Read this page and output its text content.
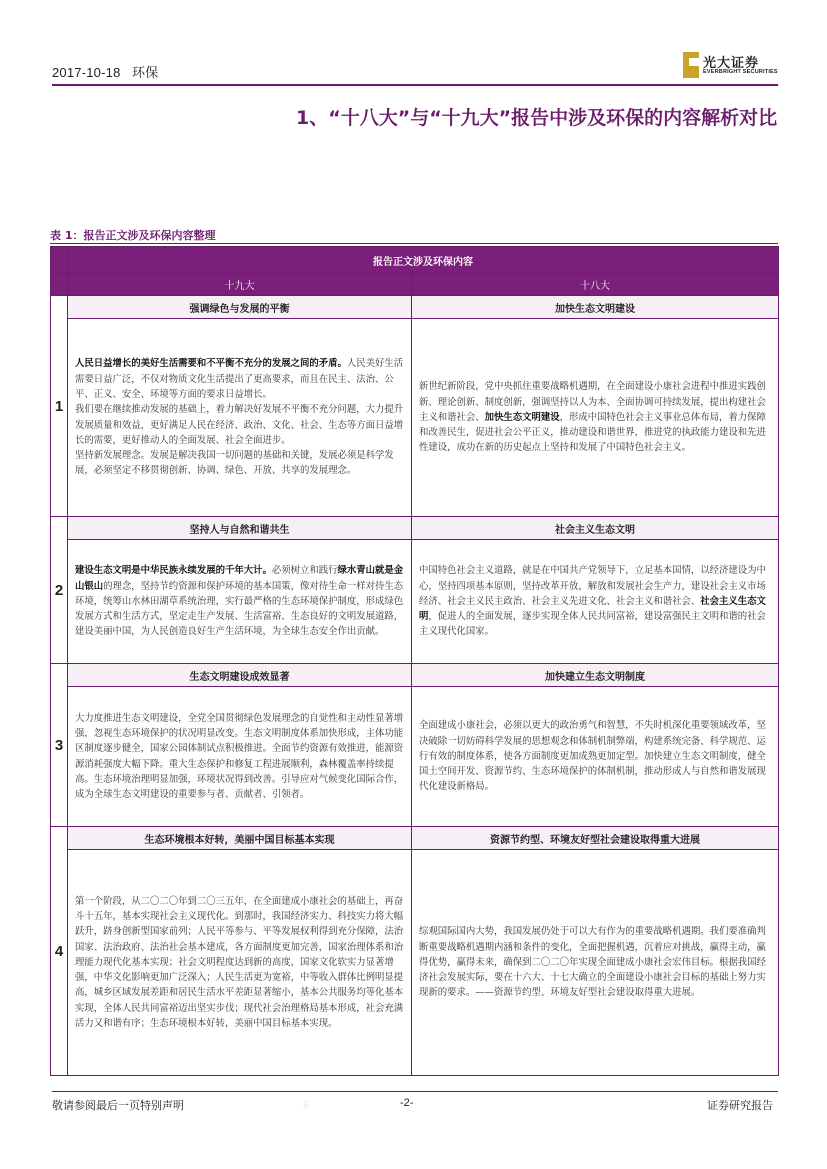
2017-10-18 环保
光大证券
EVERBRIGHT SECURITIES
1、“十八大”与“十九大”报告中涉及环保的内容解析对比
表 1：报告正文涉及环保内容整理
	报告正文涉及环保内容	
	十九大	十八大
1	强调绿色与发展的平衡	加快生态文明建设

	人民日益增长的美好生活需要和不平衡不充分的发展之间的矛盾。人民美好生活需要日益广泛，不仅对物质文化生活提出了更高要求，而且在民主、法治、公平、正义、安全、环境等方面的要求日益增长。

我们要在继续推动发展的基础上，着力解决好发展不平衡不充分问题，大力提升发展质量和效益，更好满足人民在经济、政治、文化、社会、生态等方面日益增长的需要，更好推动人的全面发展、社会全面进步。

坚持新发展理念。发展是解决我国一切问题的基础和关键，发展必须是科学发展，必须坚定不移贯彻创新、协调、绿色、开放、共享的发展理念。	新世纪新阶段，党中央抓住重要战略机遇期，在全面建设小康社会进程中推进实践创新、理论创新、制度创新，强调坚持以人为本、全面协调可持续发展，提出构建社会主义和谐社会、加快生态文明建设，形成中国特色社会主义事业总体布局，着力保障和改善民生，促进社会公平正义，推动建设和谐世界，推进党的执政能力建设和先进性建设，成功在新的历史起点上坚持和发展了中国特色社会主义。

2	坚持人与自然和谐共生	社会主义生态文明

	建设生态文明是中华民族永续发展的千年大计。必须树立和践行绿水青山就是金山银山的理念，坚持节约资源和保护环境的基本国策，像对待生命一样对待生态环境，统筹山水林田湖草系统治理，实行最严格的生态环境保护制度，形成绿色发展方式和生活方式，坚定走生产发展、生活富裕、生态良好的文明发展道路，建设美丽中国，为人民创造良好生产生活环境，为全球生态安全作出贡献。	中国特色社会主义道路，就是在中国共产党领导下，立足基本国情，以经济建设为中心，坚持四项基本原则，坚持改革开放，解放和发展社会生产力，建设社会主义市场经济、社会主义民主政治、社会主义先进文化、社会主义和谐社会、社会主义生态文明，促进人的全面发展，逐步实现全体人民共同富裕，建设富强民主文明和谐的社会主义现代化国家。

3	生态文明建设成效显著	加快建立生态文明制度

	大力度推进生态文明建设，全党全国贯彻绿色发展理念的自觉性和主动性显著增强，忽视生态环境保护的状况明显改变。生态文明制度体系加快形成，主体功能区制度逐步健全，国家公园体制试点积极推进。全面节约资源有效推进，能源资源消耗强度大幅下降。重大生态保护和修复工程进展顺利，森林覆盖率持续提高。生态环境治理明显加强，环境状况得到改善。引导应对气候变化国际合作，成为全球生态文明建设的重要参与者、贡献者、引领者。	全面建成小康社会，必须以更大的政治勇气和智慧，不失时机深化重要领域改革，坚决破除一切妨碍科学发展的思想观念和体制机制弊端，构建系统完备、科学规范、运行有效的制度体系，使各方面制度更加成熟更加定型。加快建立生态文明制度，健全国土空间开发、资源节约、生态环境保护的体制机制，推动形成人与自然和谐发展现代化建设新格局。

4	生态环境根本好转，美丽中国目标基本实现	资源节约型、环境友好型社会建设取得重大进展

	第一个阶段，从二〇二〇年到二〇三五年，在全面建成小康社会的基础上，再奋斗十五年，基本实现社会主义现代化。到那时，我国经济实力、科技实力将大幅跃升，跻身创新型国家前列；人民平等参与、平等发展权利得到充分保障，法治国家、法治政府、法治社会基本建成，各方面制度更加完善，国家治理体系和治理能力现代化基本实现；社会文明程度达到新的高度，国家文化软实力显著增强，中华文化影响更加广泛深入；人民生活更为宽裕，中等收入群体比例明显提高，城乡区域发展差距和居民生活水平差距显著缩小，基本公共服务均等化基本实现，全体人民共同富裕迈出坚实步伐；现代社会治理格局基本形成，社会充满活力又和谐有序；生态环境根本好转，美丽中国目标基本实现。	综观国际国内大势，我国发展仍处于可以大有作为的重要战略机遇期。我们要准确判断重要战略机遇期内涵和条件的变化，全面把握机遇，沉着应对挑战，赢得主动，赢得优势，赢得未来，确保到二〇二〇年实现全面建成小康社会宏伟目标。根据我国经济社会发展实际，要在十六大、十七大确立的全面建设小康社会目标的基础上努力实现新的要求。——资源节约型、环境友好型社会建设取得重大进展。

敬请参阅最后一页特别声明	卡	-2-	证券研究报告
